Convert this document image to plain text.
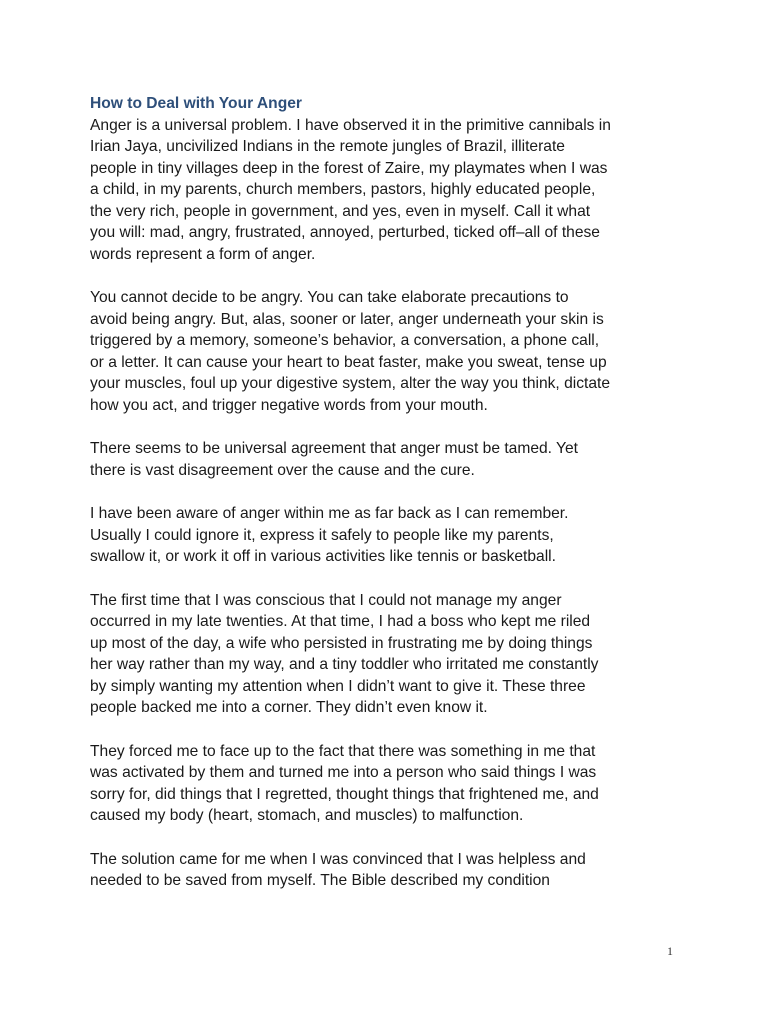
How to Deal with Your Anger
Anger is a universal problem. I have observed it in the primitive cannibals in
Irian Jaya, uncivilized Indians in the remote jungles of Brazil, illiterate
people in tiny villages deep in the forest of Zaire, my playmates when I was
a child, in my parents, church members, pastors, highly educated people,
the very rich, people in government, and yes, even in myself. Call it what
you will: mad, angry, frustrated, annoyed, perturbed, ticked off–all of these
words represent a form of anger.
You cannot decide to be angry. You can take elaborate precautions to
avoid being angry. But, alas, sooner or later, anger underneath your skin is
triggered by a memory, someone’s behavior, a conversation, a phone call,
or a letter. It can cause your heart to beat faster, make you sweat, tense up
your muscles, foul up your digestive system, alter the way you think, dictate
how you act, and trigger negative words from your mouth.
There seems to be universal agreement that anger must be tamed. Yet
there is vast disagreement over the cause and the cure.
I have been aware of anger within me as far back as I can remember.
Usually I could ignore it, express it safely to people like my parents,
swallow it, or work it off in various activities like tennis or basketball.
The first time that I was conscious that I could not manage my anger
occurred in my late twenties. At that time, I had a boss who kept me riled
up most of the day, a wife who persisted in frustrating me by doing things
her way rather than my way, and a tiny toddler who irritated me constantly
by simply wanting my attention when I didn’t want to give it. These three
people backed me into a corner. They didn’t even know it.
They forced me to face up to the fact that there was something in me that
was activated by them and turned me into a person who said things I was
sorry for, did things that I regretted, thought things that frightened me, and
caused my body (heart, stomach, and muscles) to malfunction.
The solution came for me when I was convinced that I was helpless and
needed to be saved from myself. The Bible described my condition
1
